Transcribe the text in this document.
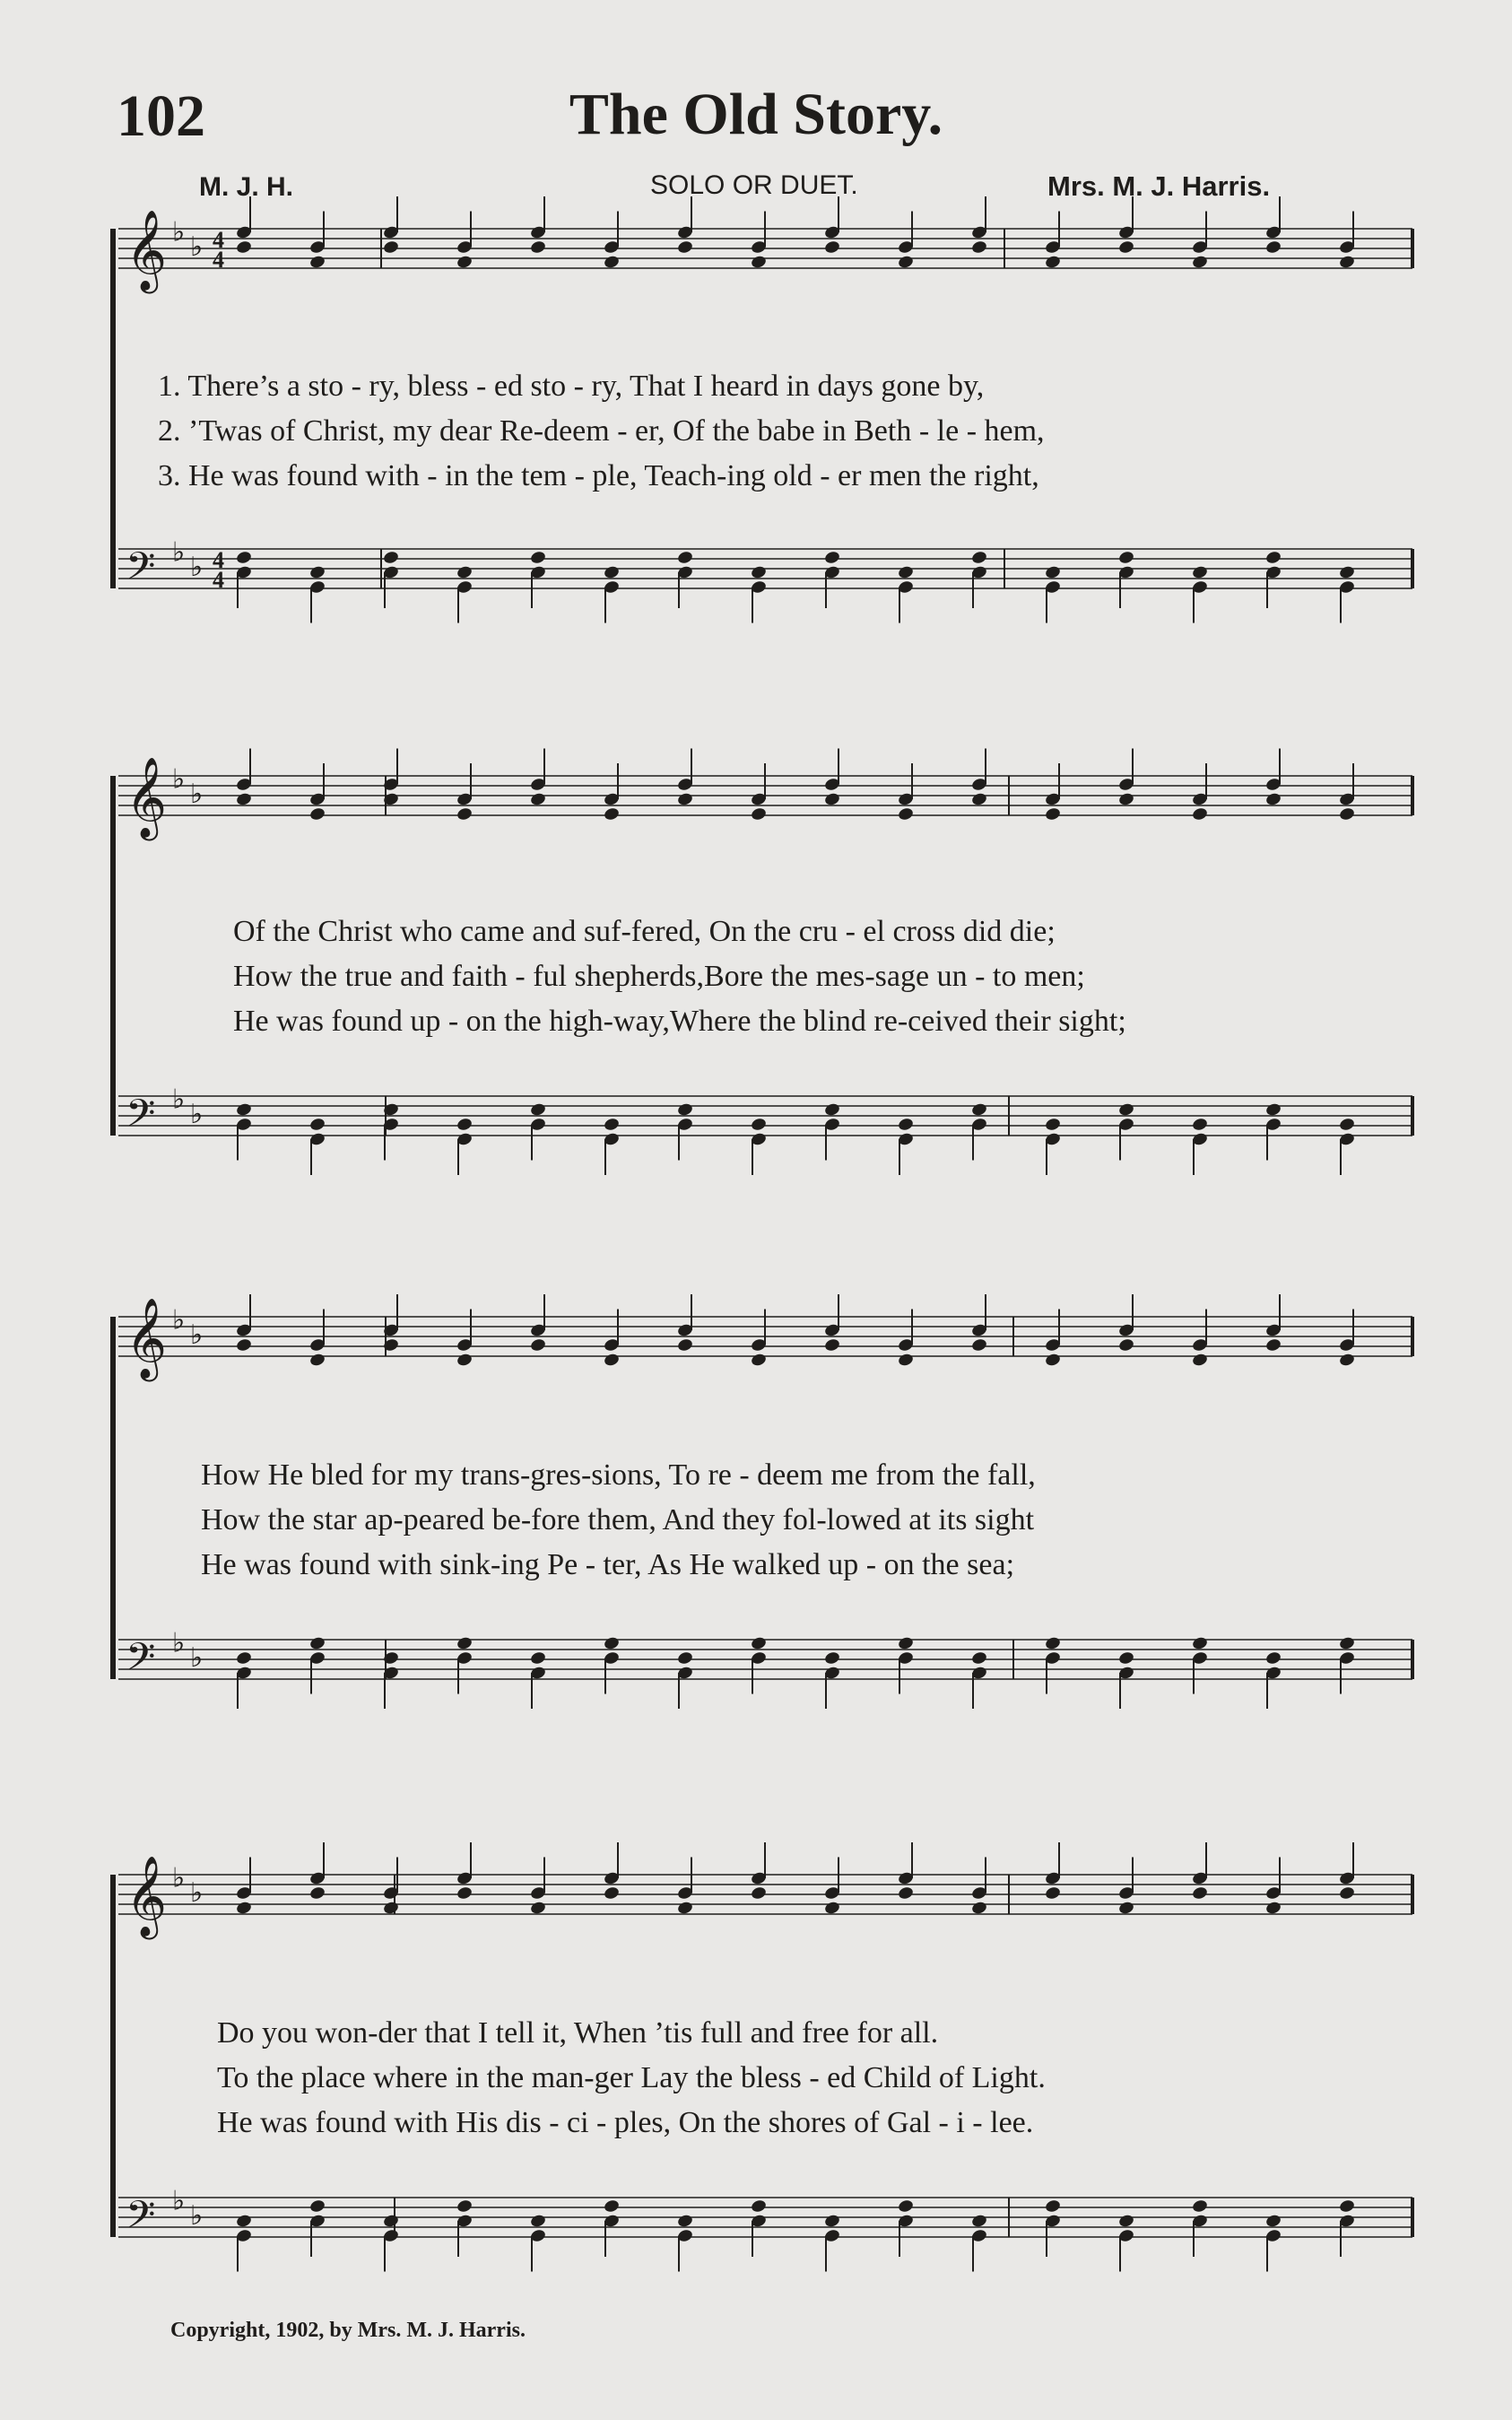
102	The Old Story.
M. J. H.	SOLO OR DUET.	Mrs. M. J. Harris.
𝄞 ♭ ♭
𝄢 ♭ ♭
𝄞 ♭ ♭
𝄢 ♭ ♭
𝄞 ♭ ♭
𝄢 ♭ ♭
𝄞 ♭ ♭
𝄢 ♭ ♭
4
4
4
4
1. There’s a sto - ry, bless - ed sto - ry, That I heard in days gone by,
2. ’Twas of Christ, my dear Re-deem - er, Of the babe in Beth - le - hem,
3. He was found with - in the tem - ple, Teach-ing old - er men the right,
Of the Christ who came and suf-fered, On the cru - el cross did die;
How the true and faith - ful shepherds,Bore the mes-sage un - to men;
He was found up - on the high-way,Where the blind re-ceived their sight;
How He bled for my trans-gres-sions, To re - deem me from the fall,
How the star ap-peared be-fore them, And they fol-lowed at its sight
He was found with sink-ing Pe - ter, As He walked up - on the sea;
Do you won-der that I tell it, When ’tis full and free for all.
To the place where in the man-ger Lay the bless - ed Child of Light.
He was found with His dis - ci - ples, On the shores of Gal - i - lee.
Copyright, 1902, by Mrs. M. J. Harris.
